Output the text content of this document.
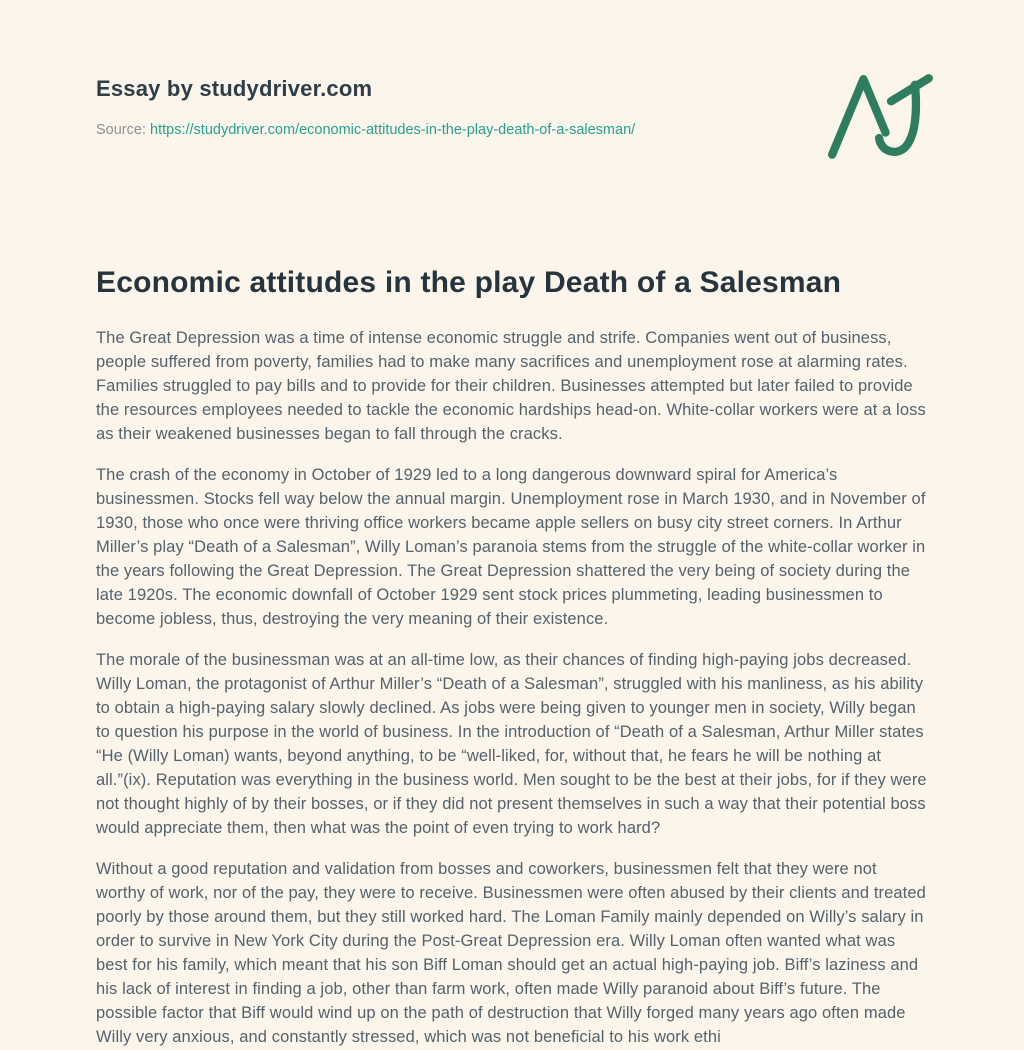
Essay by studydriver.com
Source: https://studydriver.com/economic-attitudes-in-the-play-death-of-a-salesman/
Economic attitudes in the play Death of a Salesman

The Great Depression was a time of intense economic struggle and strife. Companies went out of business, people suffered from poverty, families had to make many sacrifices and unemployment rose at alarming rates. Families struggled to pay bills and to provide for their children. Businesses attempted but later failed to provide the resources employees needed to tackle the economic hardships head-on. White-collar workers were at a loss as their weakened businesses began to fall through the cracks.

The crash of the economy in October of 1929 led to a long dangerous downward spiral for America’s businessmen. Stocks fell way below the annual margin. Unemployment rose in March 1930, and in November of 1930, those who once were thriving office workers became apple sellers on busy city street corners. In Arthur Miller’s play “Death of a Salesman”, Willy Loman’s paranoia stems from the struggle of the white-collar worker in the years following the Great Depression. The Great Depression shattered the very being of society during the late 1920s. The economic downfall of October 1929 sent stock prices plummeting, leading businessmen to become jobless, thus, destroying the very meaning of their existence.

The morale of the businessman was at an all-time low, as their chances of finding high-paying jobs decreased. Willy Loman, the protagonist of Arthur Miller’s “Death of a Salesman”, struggled with his manliness, as his ability to obtain a high-paying salary slowly declined. As jobs were being given to younger men in society, Willy began to question his purpose in the world of business. In the introduction of “Death of a Salesman, Arthur Miller states “He (Willy Loman) wants, beyond anything, to be “well-liked, for, without that, he fears he will be nothing at all.”(ix). Reputation was everything in the business world. Men sought to be the best at their jobs, for if they were not thought highly of by their bosses, or if they did not present themselves in such a way that their potential boss would appreciate them, then what was the point of even trying to work hard?

Without a good reputation and validation from bosses and coworkers, businessmen felt that they were not worthy of work, nor of the pay, they were to receive. Businessmen were often abused by their clients and treated poorly by those around them, but they still worked hard. The Loman Family mainly depended on Willy’s salary in order to survive in New York City during the Post-Great Depression era. Willy Loman often wanted what was best for his family, which meant that his son Biff Loman should get an actual high-paying job. Biff’s laziness and his lack of interest in finding a job, other than farm work, often made Willy paranoid about Biff’s future. The possible factor that Biff would wind up on the path of destruction that Willy forged many years ago often made Willy very anxious, and constantly stressed, which was not beneficial to his work ethi
